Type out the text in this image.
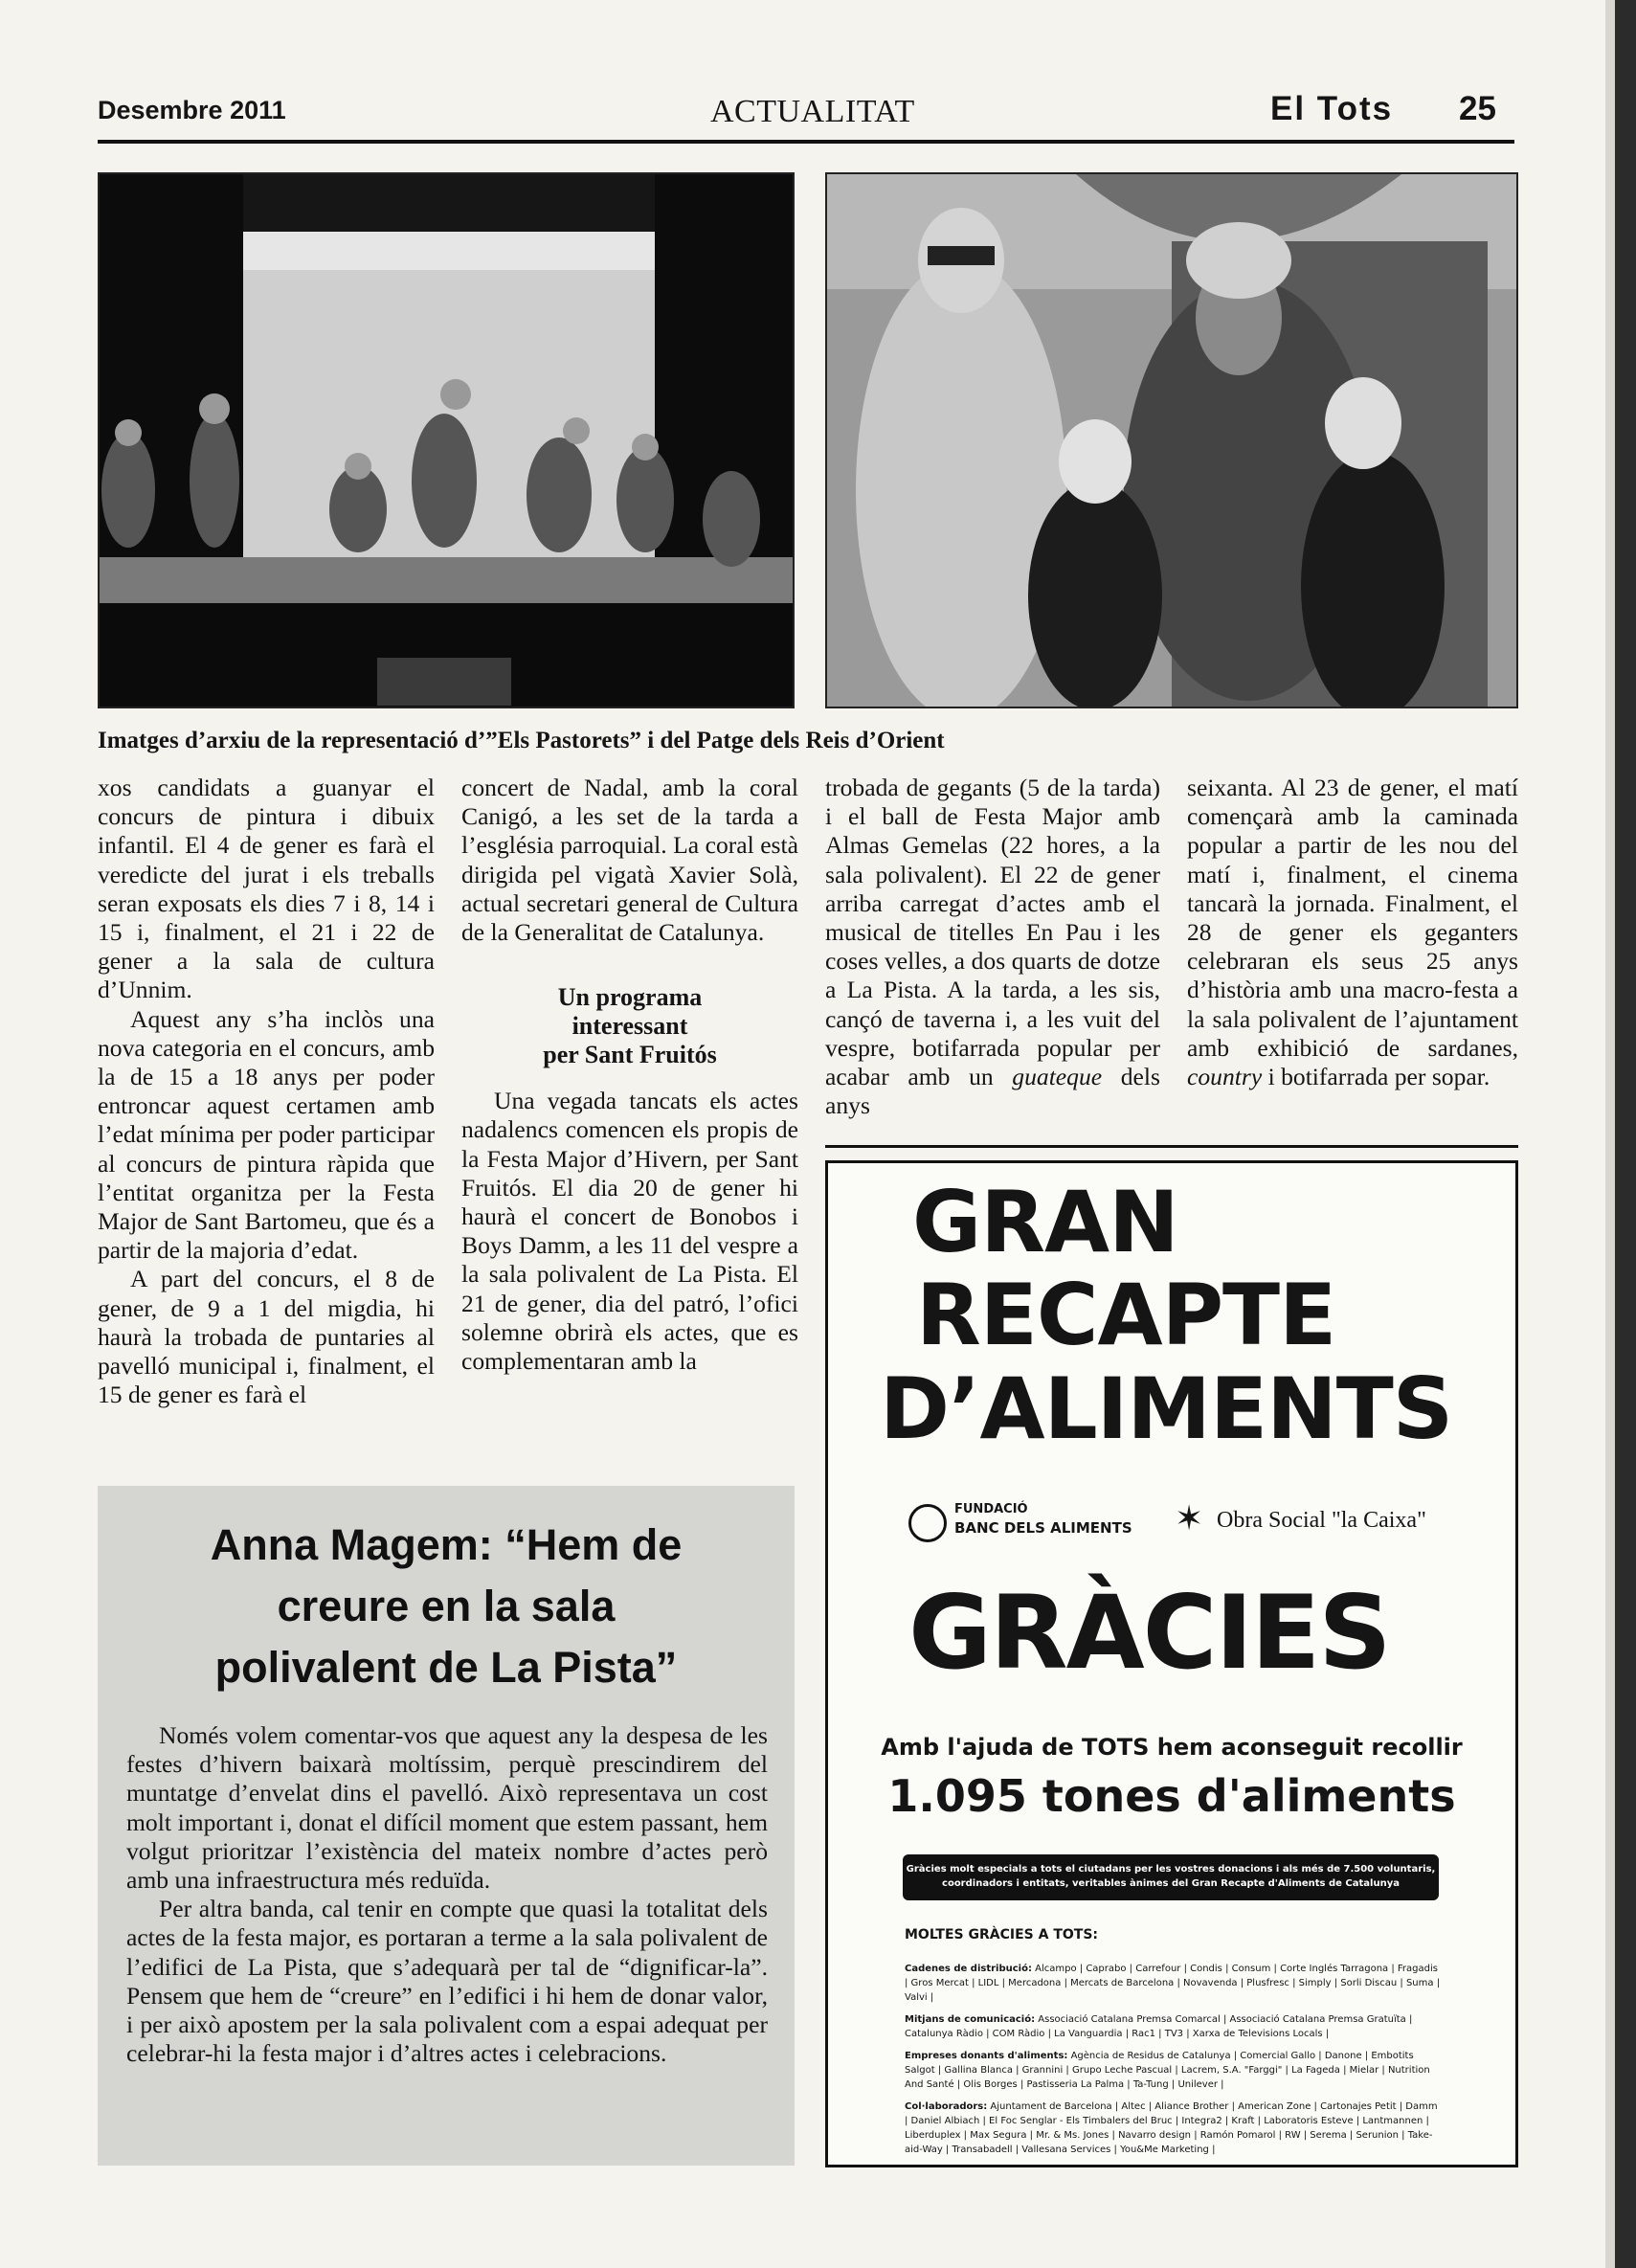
Desembre 2011	ACTUALITAT	El Tots 25
Imatges d’arxiu de la representació d’”Els Pastorets” i del Patge dels Reis d’Orient

xos candidats a guanyar el concurs de pintura i dibuix infantil. El 4 de gener es farà el veredicte del jurat i els treballs seran exposats els dies 7 i 8, 14 i 15 i, finalment, el 21 i 22 de gener a la sala de cultura d’Unnim.

Aquest any s’ha inclòs una nova categoria en el concurs, amb la de 15 a 18 anys per poder entroncar aquest certamen amb l’edat mínima per poder participar al concurs de pintura ràpida que l’entitat organitza per la Festa Major de Sant Bartomeu, que és a partir de la majoria d’edat.

A part del concurs, el 8 de gener, de 9 a 1 del migdia, hi haurà la trobada de puntaries al pavelló municipal i, finalment, el 15 de gener es farà el

concert de Nadal, amb la coral Canigó, a les set de la tarda a l’església parroquial. La coral està dirigida pel vigatà Xavier Solà, actual secretari general de Cultura de la Generalitat de Catalunya.

Un programa
interessant
per Sant Fruitós

Una vegada tancats els actes nadalencs comencen els propis de la Festa Major d’Hivern, per Sant Fruitós. El dia 20 de gener hi haurà el concert de Bonobos i Boys Damm, a les 11 del vespre a la sala polivalent de La Pista. El 21 de gener, dia del patró, l’ofici solemne obrirà els actes, que es complementaran amb la

trobada de gegants (5 de la tarda) i el ball de Festa Major amb Almas Gemelas (22 hores, a la sala polivalent). El 22 de gener arriba carregat d’actes amb el musical de titelles En Pau i les coses velles, a dos quarts de dotze a La Pista. A la tarda, a les sis, cançó de taverna i, a les vuit del vespre, botifarrada popular per acabar amb un guateque dels anys

seixanta. Al 23 de gener, el matí començarà amb la caminada popular a partir de les nou del matí i, finalment, el cinema tancarà la jornada. Finalment, el 28 de gener els geganters celebraran els seus 25 anys d’història amb una macro-festa a la sala polivalent de l’ajuntament amb exhibició de sardanes, country i botifarrada per sopar.

Anna Magem: “Hem de
creure en la sala
polivalent de La Pista”

Només volem comentar-vos que aquest any la despesa de les festes d’hivern baixarà moltíssim, perquè prescindirem del muntatge d’envelat dins el pavelló. Això representava un cost molt important i, donat el difícil moment que estem passant, hem volgut prioritzar l’existència del mateix nombre d’actes però amb una infraestructura més reduïda.

Per altra banda, cal tenir en compte que quasi la totalitat dels actes de la festa major, es portaran a terme a la sala polivalent de l’edifici de La Pista, que s’adequarà per tal de “dignificar-la”. Pensem que hem de “creure” en l’edifici i hi hem de donar valor, i per això apostem per la sala polivalent com a espai adequat per celebrar-hi la festa major i d’altres actes i celebracions.

GRAN
RECAPTE
D’ALIMENTS
FUNDACIÓ
BANC DELS ALIMENTS ✶ Obra Social "la Caixa"
GRÀCIES
Amb l'ajuda de TOTS hem aconseguit recollir
1.095 tones d'aliments
Gràcies molt especials a tots el ciutadans per les vostres donacions i als més de 7.500 voluntaris,
coordinadors i entitats, veritables ànimes del Gran Recapte d'Aliments de Catalunya
MOLTES GRÀCIES A TOTS:

Cadenes de distribució: Alcampo | Caprabo | Carrefour | Condis | Consum | Corte Inglés Tarragona | Fragadis | Gros Mercat | LIDL | Mercadona | Mercats de Barcelona | Novavenda | Plusfresc | Simply | Sorli Discau | Suma | Valvi |

Mitjans de comunicació: Associació Catalana Premsa Comarcal | Associació Catalana Premsa Gratuïta | Catalunya Ràdio | COM Ràdio | La Vanguardia | Rac1 | TV3 | Xarxa de Televisions Locals |

Empreses donants d'aliments: Agència de Residus de Catalunya | Comercial Gallo | Danone | Embotits Salgot | Gallina Blanca | Grannini | Grupo Leche Pascual | Lacrem, S.A. "Farggi" | La Fageda | Mielar | Nutrition And Santé | Olis Borges | Pastisseria La Palma | Ta-Tung | Unilever |

Col·laboradors: Ajuntament de Barcelona | Altec | Aliance Brother | American Zone | Cartonajes Petit | Damm | Daniel Albiach | El Foc Senglar - Els Timbalers del Bruc | Integra2 | Kraft | Laboratoris Esteve | Lantmannen | Liberduplex | Max Segura | Mr. & Ms. Jones | Navarro design | Ramón Pomarol | RW | Serema | Serunion | Take-aid-Way | Transabadell | Vallesana Services | You&Me Marketing |
